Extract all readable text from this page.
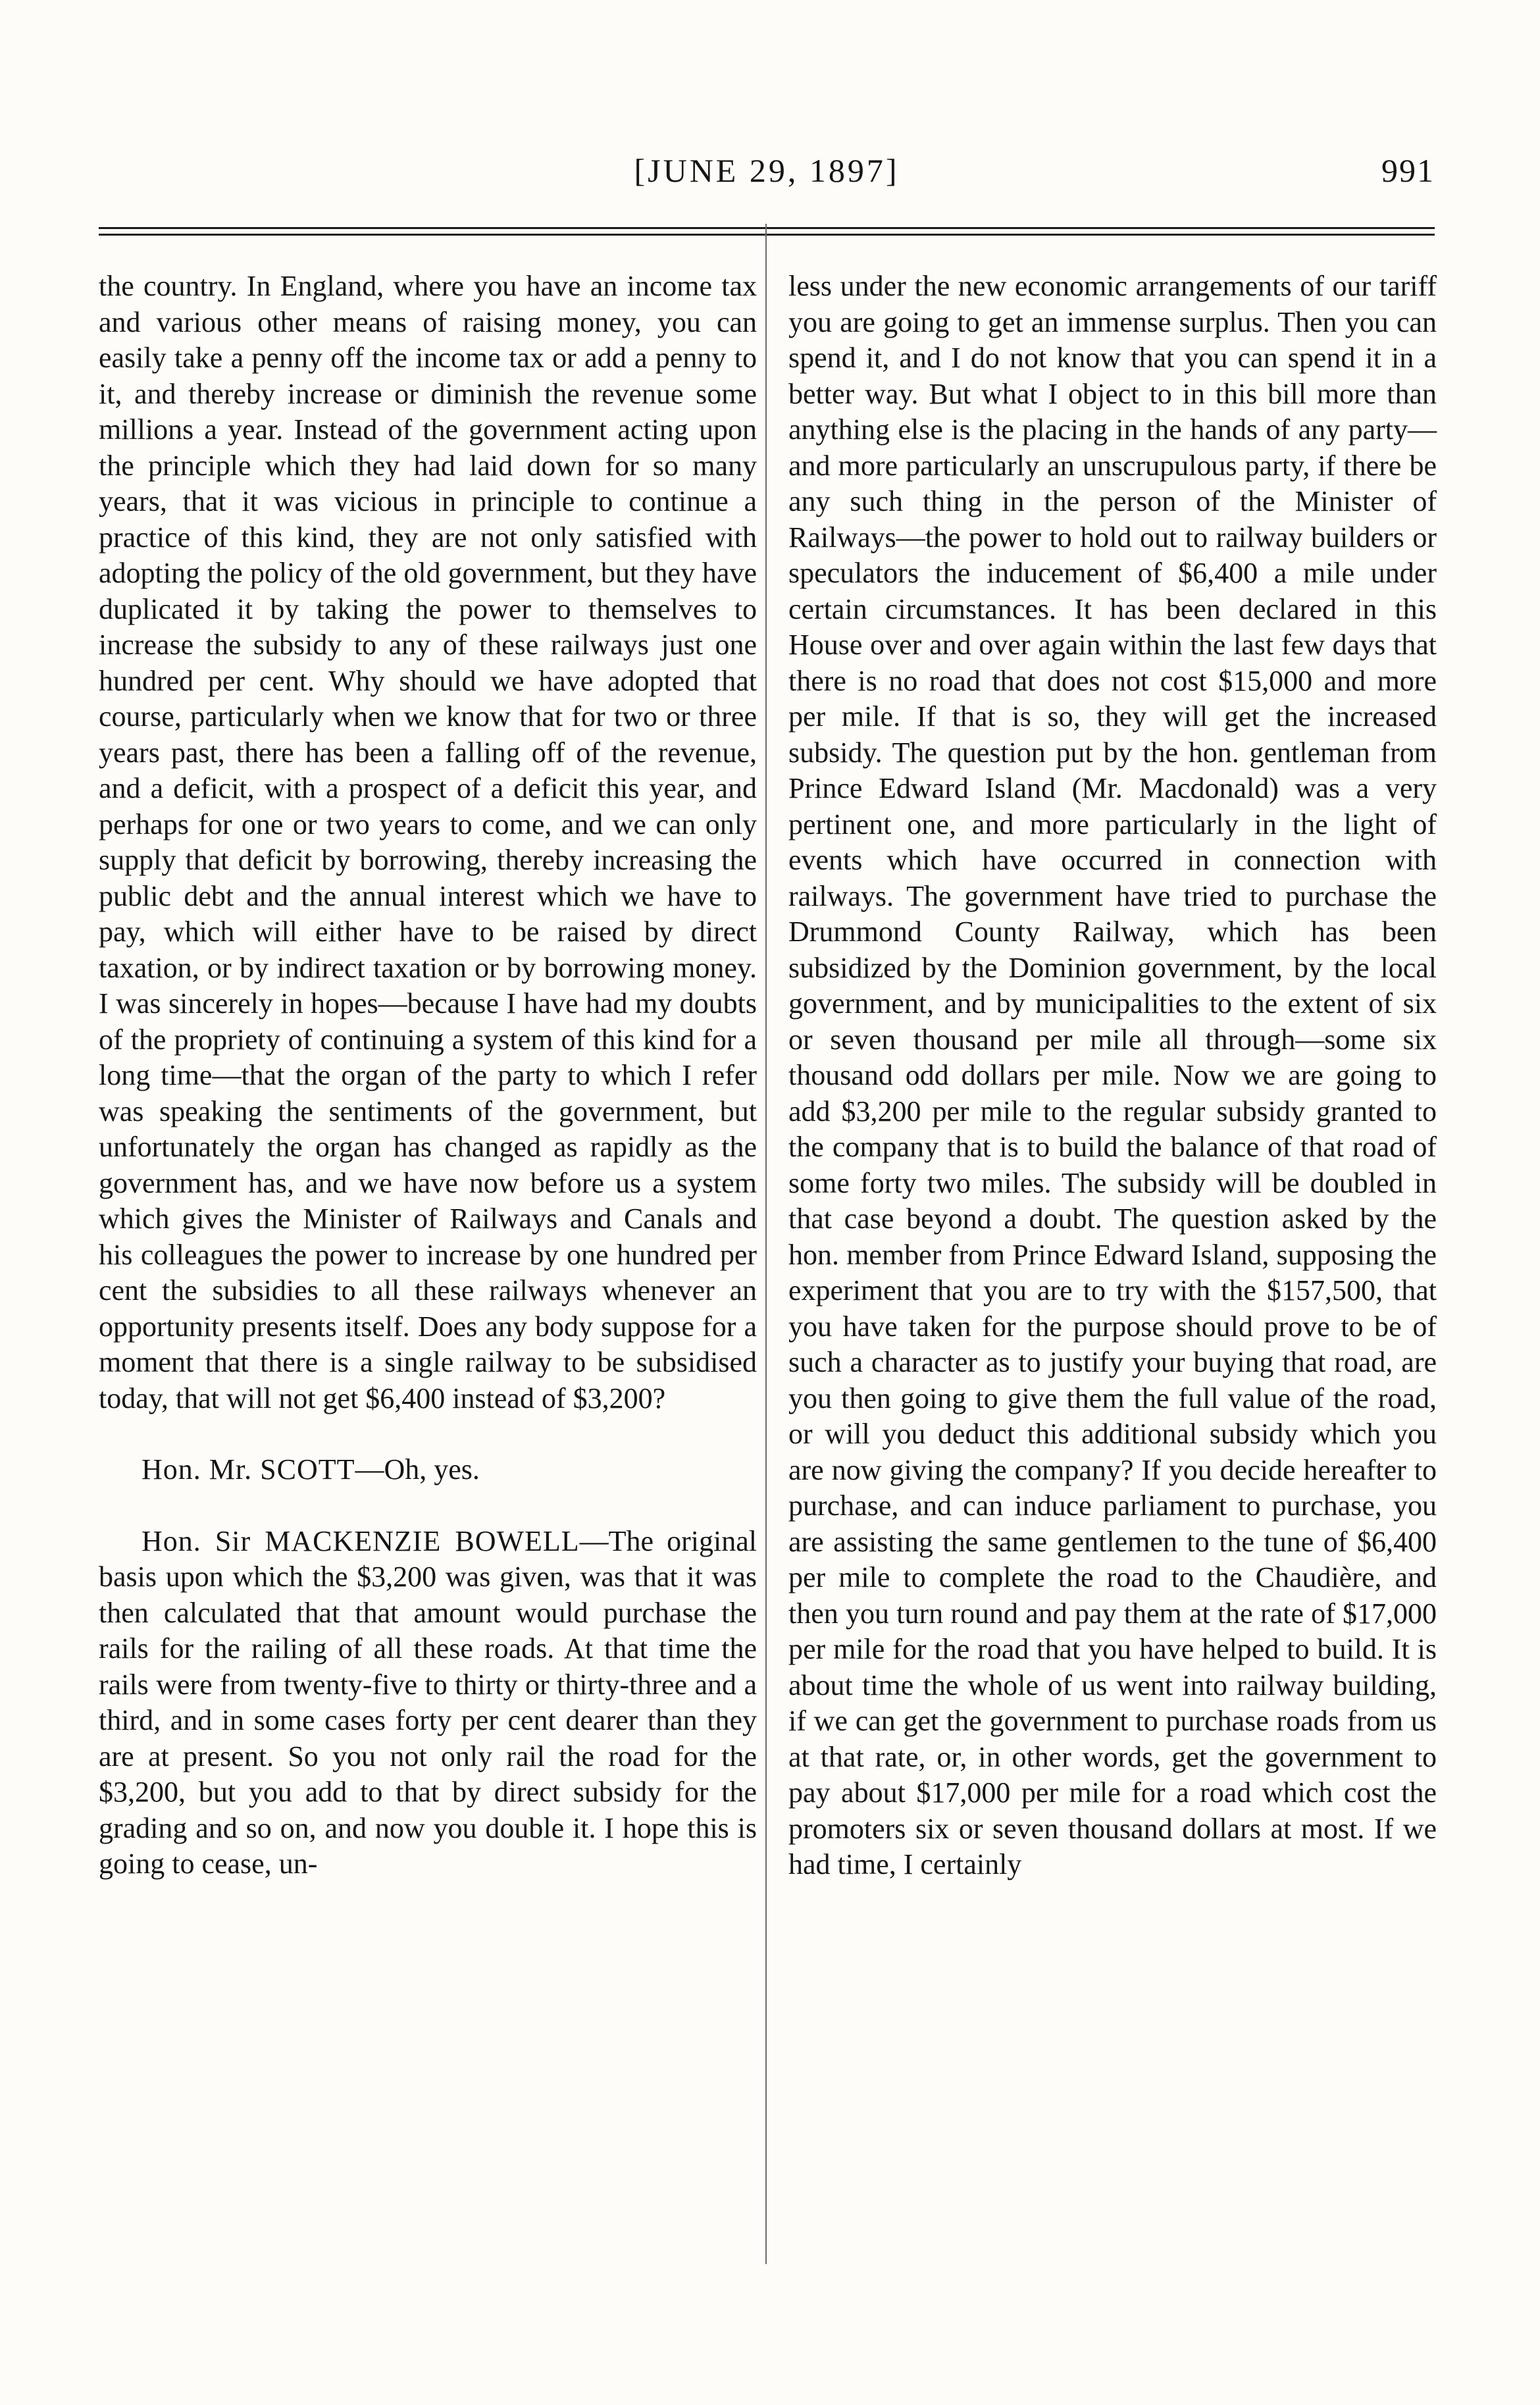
[JUNE 29, 1897]	991

the country. In England, where you have an income tax and various other means of raising money, you can easily take a penny off the income tax or add a penny to it, and thereby increase or diminish the revenue some millions a year. Instead of the government acting upon the principle which they had laid down for so many years, that it was vicious in principle to continue a practice of this kind, they are not only satisfied with adopting the policy of the old government, but they have duplicated it by taking the power to themselves to increase the subsidy to any of these railways just one hundred per cent. Why should we have adopted that course, particularly when we know that for two or three years past, there has been a falling off of the revenue, and a deficit, with a prospect of a deficit this year, and perhaps for one or two years to come, and we can only supply that deficit by borrowing, thereby increasing the public debt and the annual interest which we have to pay, which will either have to be raised by direct taxation, or by indirect taxation or by borrowing money. I was sincerely in hopes—because I have had my doubts of the propriety of continuing a system of this kind for a long time—that the organ of the party to which I refer was speaking the sentiments of the government, but unfortunately the organ has changed as rapidly as the government has, and we have now before us a system which gives the Minister of Railways and Canals and his colleagues the power to increase by one hundred per cent the subsidies to all these railways whenever an opportunity presents itself. Does any body suppose for a moment that there is a single railway to be subsidised today, that will not get $6,400 instead of $3,200?

Hon. Mr. SCOTT—Oh, yes.

Hon. Sir MACKENZIE BOWELL—The original basis upon which the $3,200 was given, was that it was then calculated that that amount would purchase the rails for the railing of all these roads. At that time the rails were from twenty-five to thirty or thirty-three and a third, and in some cases forty per cent dearer than they are at present. So you not only rail the road for the $3,200, but you add to that by direct subsidy for the grading and so on, and now you double it. I hope this is going to cease, un-

less under the new economic arrangements of our tariff you are going to get an immense surplus. Then you can spend it, and I do not know that you can spend it in a better way. But what I object to in this bill more than anything else is the placing in the hands of any party—and more particularly an unscrupulous party, if there be any such thing in the person of the Minister of Railways—the power to hold out to railway builders or speculators the inducement of $6,400 a mile under certain circumstances. It has been declared in this House over and over again within the last few days that there is no road that does not cost $15,000 and more per mile. If that is so, they will get the increased subsidy. The question put by the hon. gentleman from Prince Edward Island (Mr. Macdonald) was a very pertinent one, and more particularly in the light of events which have occurred in connection with railways. The government have tried to purchase the Drummond County Railway, which has been subsidized by the Dominion government, by the local government, and by municipalities to the extent of six or seven thousand per mile all through—some six thousand odd dollars per mile. Now we are going to add $3,200 per mile to the regular subsidy granted to the company that is to build the balance of that road of some forty two miles. The subsidy will be doubled in that case beyond a doubt. The question asked by the hon. member from Prince Edward Island, supposing the experiment that you are to try with the $157,500, that you have taken for the purpose should prove to be of such a character as to justify your buying that road, are you then going to give them the full value of the road, or will you deduct this additional subsidy which you are now giving the company? If you decide hereafter to purchase, and can induce parliament to purchase, you are assisting the same gentlemen to the tune of $6,400 per mile to complete the road to the Chaudière, and then you turn round and pay them at the rate of $17,000 per mile for the road that you have helped to build. It is about time the whole of us went into railway building, if we can get the government to purchase roads from us at that rate, or, in other words, get the government to pay about $17,000 per mile for a road which cost the promoters six or seven thousand dollars at most. If we had time, I certainly
